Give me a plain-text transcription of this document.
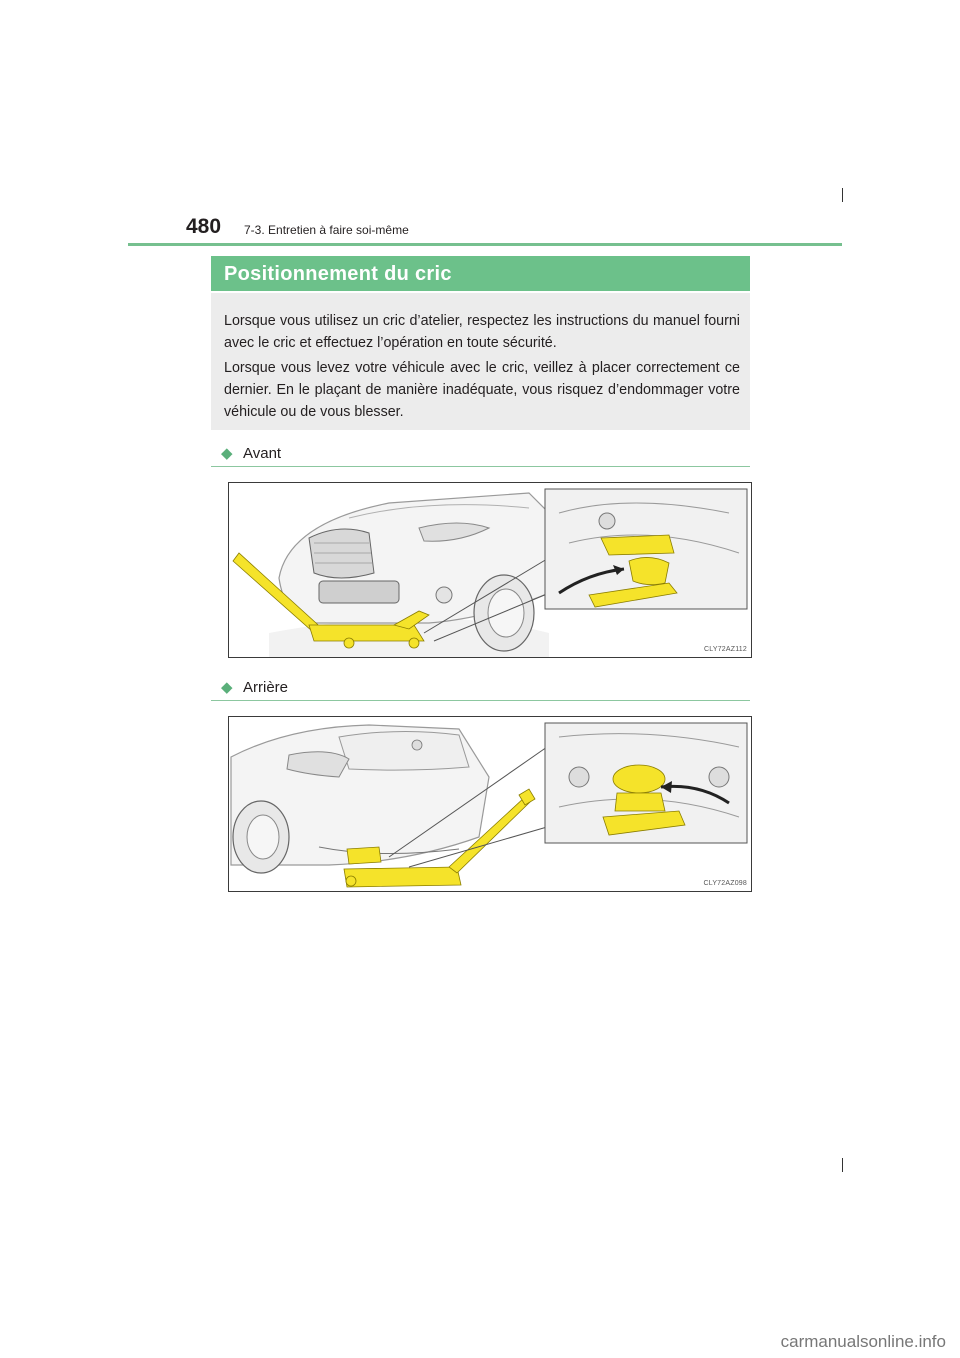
480 7-3. Entretien à faire soi-même
Positionnement du cric

Lorsque vous utilisez un cric d’atelier, respectez les instructions du manuel fourni avec le cric et effectuez l’opération en toute sécurité.

Lorsque vous levez votre véhicule avec le cric, veillez à placer correctement ce dernier. En le plaçant de manière inadéquate, vous risquez d’endommager votre véhicule ou de vous blesser.

◆ Avant
CLY72AZ112
◆ Arrière
CLY72AZ098
carmanualsonline.info
